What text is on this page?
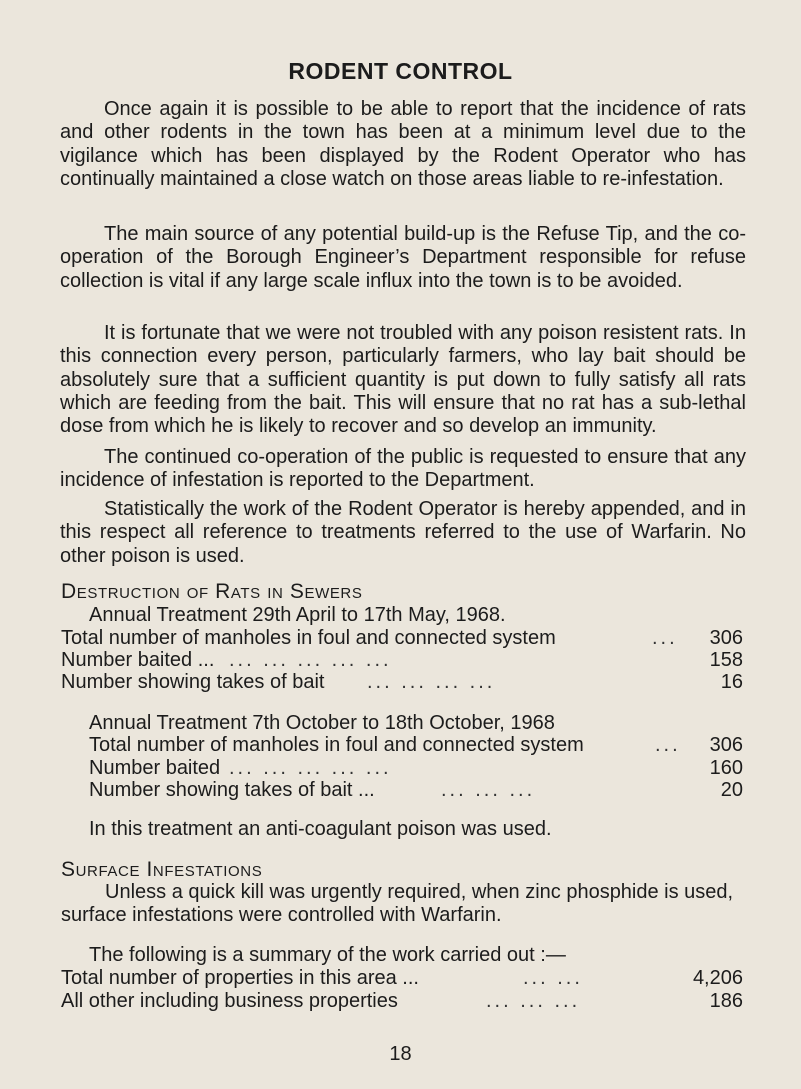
RODENT CONTROL

Once again it is possible to be able to report that the incidence of rats and other rodents in the town has been at a minimum level due to the vigilance which has been displayed by the Rodent Operator who has continually maintained a close watch on those areas liable to re-infestation.

The main source of any potential build-up is the Refuse Tip, and the co-operation of the Borough Engineer’s Department responsible for refuse collection is vital if any large scale influx into the town is to be avoided.

It is fortunate that we were not troubled with any poison resistent rats. In this connection every person, particularly farmers, who lay bait should be absolutely sure that a sufficient quantity is put down to fully satisfy all rats which are feeding from the bait. This will ensure that no rat has a sub-lethal dose from which he is likely to recover and so develop an immunity.

The continued co-operation of the public is requested to ensure that any incidence of infestation is reported to the Department.

Statistically the work of the Rodent Operator is hereby appended, and in this respect all reference to treatments referred to the use of Warfarin. No other poison is used.

Destruction of Rats in Sewers
Annual Treatment 29th April to 17th May, 1968.
Total number of manholes in foul and connected system	... 306
Number baited ... ... ... ... ... ...	158
Number showing takes of bait ... ... ... ...	16
Annual Treatment 7th October to 18th October, 1968
Total number of manholes in foul and connected system	... 306
Number baited ... ... ... ... ...	160
Number showing takes of bait ...	... ... ...	20
In this treatment an anti-coagulant poison was used.
Surface Infestations

Unless a quick kill was urgently required, when zinc phosphide is used, surface infestations were controlled with Warfarin.

The following is a summary of the work carried out :—
Total number of properties in this area ...	... ...	4,206
All other including business properties	... ... ...	186
18
